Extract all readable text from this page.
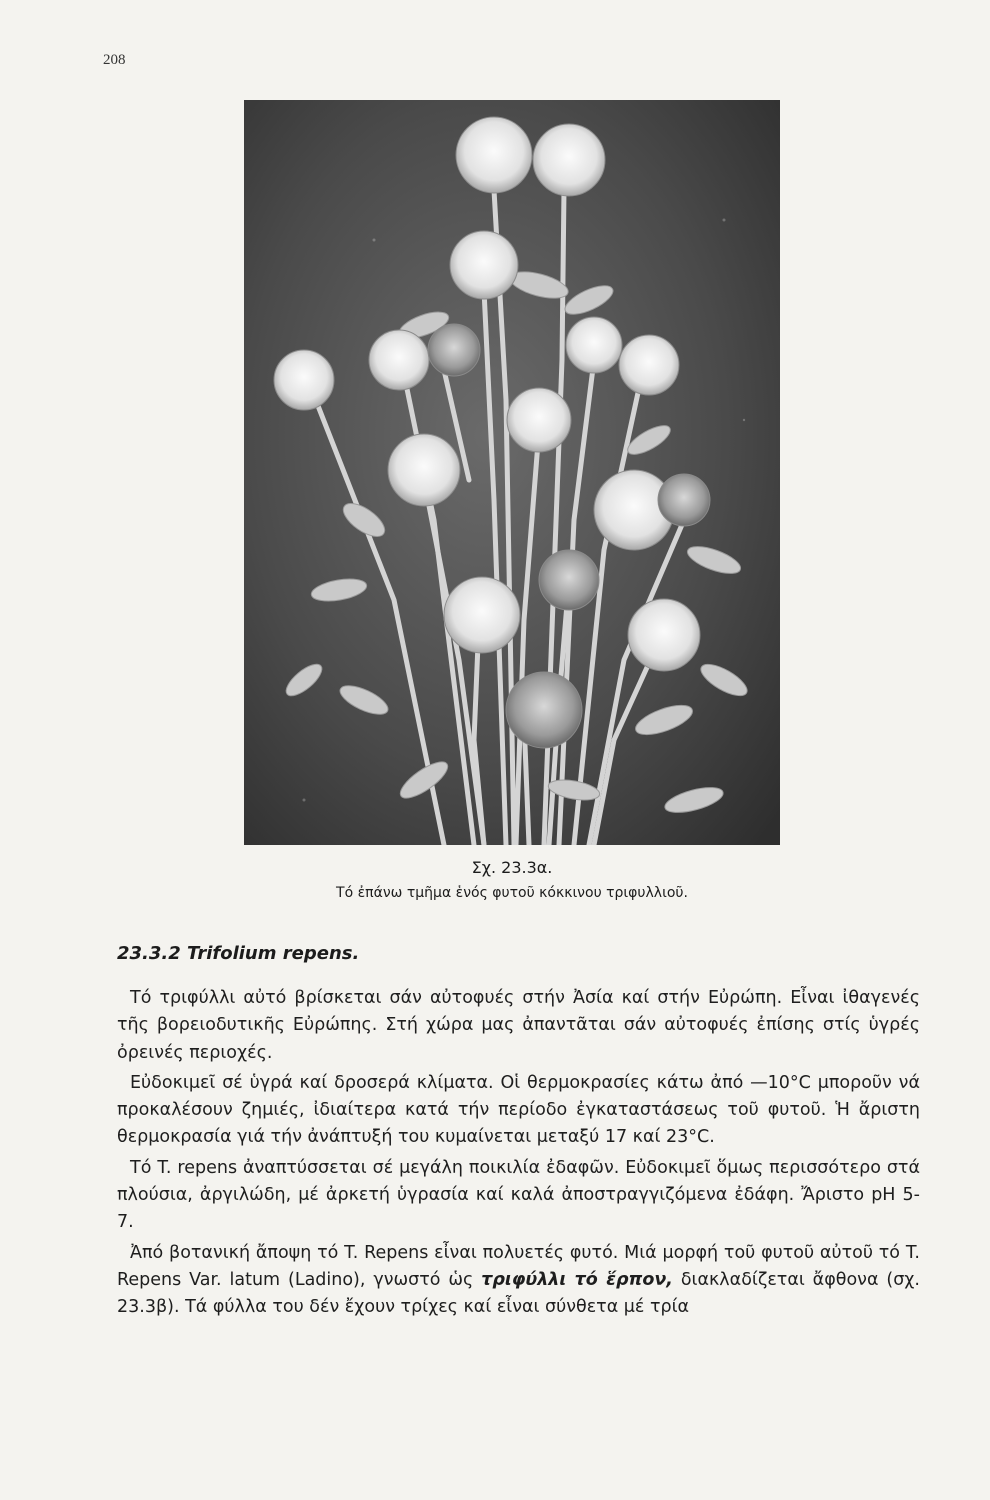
208
Σχ. 23.3α.
Τό ἐπάνω τμῆμα ἑνός φυτοῦ κόκκινου τριφυλλιοῦ.
23.3.2 Trifolium repens.

Τό τριφύλλι αὐτό βρίσκεται σάν αὐτοφυές στήν Ἀσία καί στήν Εὐρώπη. Εἶναι ἰθαγενές τῆς βορειοδυτικῆς Εὐρώπης. Στή χώρα μας ἀπαντᾶται σάν αὐτοφυές ἐπίσης στίς ὑγρές ὀρεινές περιοχές.

Εὐδοκιμεῖ σέ ὑγρά καί δροσερά κλίματα. Οἱ θερμοκρασίες κάτω ἀπό —10°C μποροῦν νά προκαλέσουν ζημιές, ἰδιαίτερα κατά τήν περίοδο ἐγκαταστάσεως τοῦ φυτοῦ. Ἡ ἄριστη θερμοκρασία γιά τήν ἀνάπτυξή του κυμαίνεται μεταξύ 17 καί 23°C.

Τό T. repens ἀναπτύσσεται σέ μεγάλη ποικιλία ἐδαφῶν. Εὐδοκιμεῖ ὅμως περισσότερο στά πλούσια, ἀργιλώδη, μέ ἀρκετή ὑγρασία καί καλά ἀποστραγγιζόμενα ἐδάφη. Ἄριστο pH 5-7.

Ἀπό βοτανική ἄποψη τό T. Repens εἶναι πολυετές φυτό. Μιά μορφή τοῦ φυτοῦ αὐτοῦ τό T. Repens Var. latum (Ladino), γνωστό ὡς τριφύλλι τό ἕρπον, διακλαδίζεται ἄφθονα (σχ. 23.3β). Τά φύλλα του δέν ἔχουν τρίχες καί εἶναι σύνθετα μέ τρία
